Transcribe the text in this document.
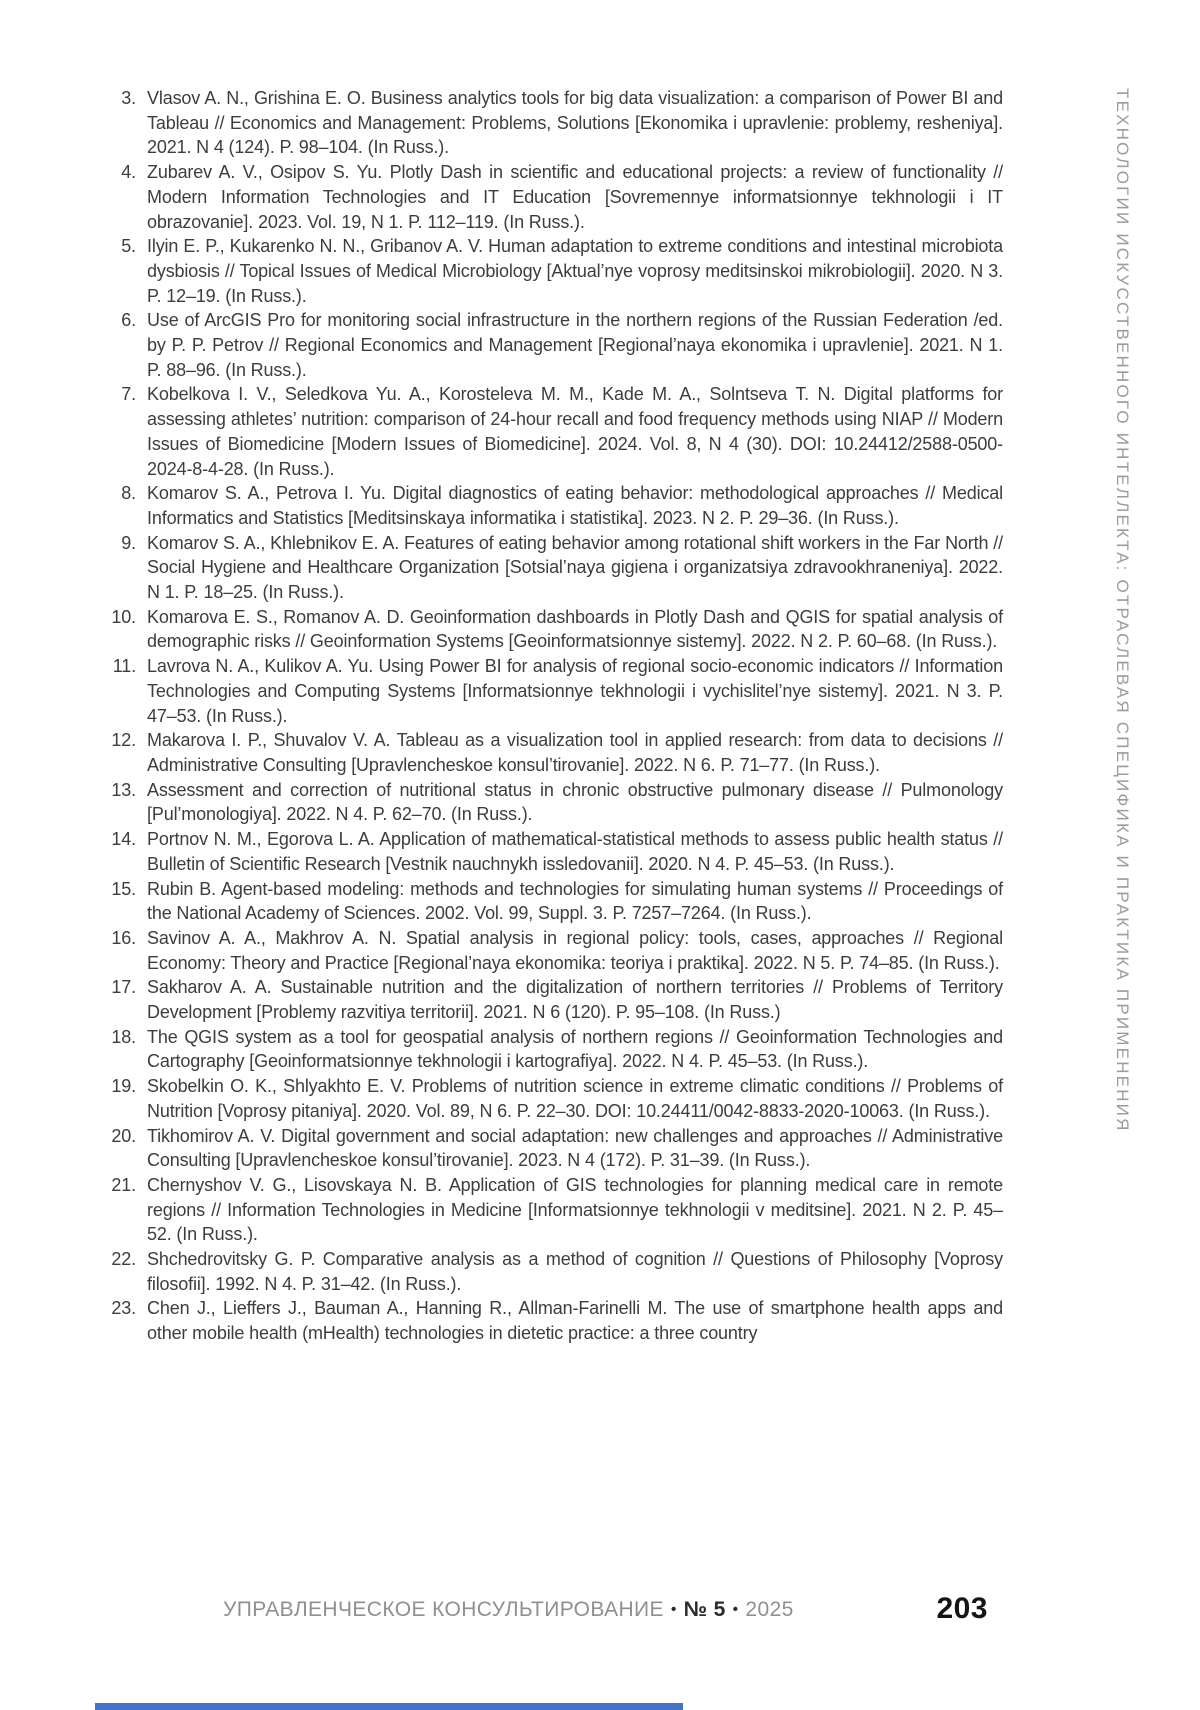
3. Vlasov A. N., Grishina E. O. Business analytics tools for big data visualization: a comparison of Power BI and Tableau // Economics and Management: Problems, Solutions [Ekonomika i upravlenie: problemy, resheniya]. 2021. N 4 (124). P. 98–104. (In Russ.).
4. Zubarev A. V., Osipov S. Yu. Plotly Dash in scientific and educational projects: a review of functionality // Modern Information Technologies and IT Education [Sovremennye informatsionnye tekhnologii i IT obrazovanie]. 2023. Vol. 19, N 1. P. 112–119. (In Russ.).
5. Ilyin E. P., Kukarenko N. N., Gribanov A. V. Human adaptation to extreme conditions and intestinal microbiota dysbiosis // Topical Issues of Medical Microbiology [Aktual’nye voprosy meditsinskoi mikrobiologii]. 2020. N 3. P. 12–19. (In Russ.).
6. Use of ArcGIS Pro for monitoring social infrastructure in the northern regions of the Russian Federation /ed. by P. P. Petrov // Regional Economics and Management [Regional’naya ekonomika i upravlenie]. 2021. N 1. P. 88–96. (In Russ.).
7. Kobelkova I. V., Seledkova Yu. A., Korosteleva M. M., Kade M. A., Solntseva T. N. Digital platforms for assessing athletes’ nutrition: comparison of 24-hour recall and food frequency methods using NIAP // Modern Issues of Biomedicine [Modern Issues of Biomedicine]. 2024. Vol. 8, N 4 (30). DOI: 10.24412/2588-0500-2024-8-4-28. (In Russ.).
8. Komarov S. A., Petrova I. Yu. Digital diagnostics of eating behavior: methodological approaches // Medical Informatics and Statistics [Meditsinskaya informatika i statistika]. 2023. N 2. P. 29–36. (In Russ.).
9. Komarov S. A., Khlebnikov E. A. Features of eating behavior among rotational shift workers in the Far North // Social Hygiene and Healthcare Organization [Sotsial’naya gigiena i organizatsiya zdravookhraneniya]. 2022. N 1. P. 18–25. (In Russ.).
10. Komarova E. S., Romanov A. D. Geoinformation dashboards in Plotly Dash and QGIS for spatial analysis of demographic risks // Geoinformation Systems [Geoinformatsionnye sistemy]. 2022. N 2. P. 60–68. (In Russ.).
11. Lavrova N. A., Kulikov A. Yu. Using Power BI for analysis of regional socio-economic indicators // Information Technologies and Computing Systems [Informatsionnye tekhnologii i vychislitel’nye sistemy]. 2021. N 3. P. 47–53. (In Russ.).
12. Makarova I. P., Shuvalov V. A. Tableau as a visualization tool in applied research: from data to decisions // Administrative Consulting [Upravlencheskoe konsul’tirovanie]. 2022. N 6. P. 71–77. (In Russ.).
13. Assessment and correction of nutritional status in chronic obstructive pulmonary disease // Pulmonology [Pul’monologiya]. 2022. N 4. P. 62–70. (In Russ.).
14. Portnov N. M., Egorova L. A. Application of mathematical-statistical methods to assess public health status // Bulletin of Scientific Research [Vestnik nauchnykh issledovanii]. 2020. N 4. P. 45–53. (In Russ.).
15. Rubin B. Agent-based modeling: methods and technologies for simulating human systems // Proceedings of the National Academy of Sciences. 2002. Vol. 99, Suppl. 3. P. 7257–7264. (In Russ.).
16. Savinov A. A., Makhrov A. N. Spatial analysis in regional policy: tools, cases, approaches // Regional Economy: Theory and Practice [Regional’naya ekonomika: teoriya i praktika]. 2022. N 5. P. 74–85. (In Russ.).
17. Sakharov A. A. Sustainable nutrition and the digitalization of northern territories // Problems of Territory Development [Problemy razvitiya territorii]. 2021. N 6 (120). P. 95–108. (In Russ.)
18. The QGIS system as a tool for geospatial analysis of northern regions // Geoinformation Technologies and Cartography [Geoinformatsionnye tekhnologii i kartografiya]. 2022. N 4. P. 45–53. (In Russ.).
19. Skobelkin O. K., Shlyakhto E. V. Problems of nutrition science in extreme climatic conditions // Problems of Nutrition [Voprosy pitaniya]. 2020. Vol. 89, N 6. P. 22–30. DOI: 10.24411/0042-8833-2020-10063. (In Russ.).
20. Tikhomirov A. V. Digital government and social adaptation: new challenges and approaches // Administrative Consulting [Upravlencheskoe konsul’tirovanie]. 2023. N 4 (172). P. 31–39. (In Russ.).
21. Chernyshov V. G., Lisovskaya N. B. Application of GIS technologies for planning medical care in remote regions // Information Technologies in Medicine [Informatsionnye tekhnologii v meditsine]. 2021. N 2. P. 45–52. (In Russ.).
22. Shchedrovitsky G. P. Comparative analysis as a method of cognition // Questions of Philosophy [Voprosy filosofii]. 1992. N 4. P. 31–42. (In Russ.).
23. Chen J., Lieffers J., Bauman A., Hanning R., Allman-Farinelli M. The use of smartphone health apps and other mobile health (mHealth) technologies in dietetic practice: a three country
ТЕХНОЛОГИИ ИСКУССТВЕННОГО ИНТЕЛЛЕКТА: ОТРАСЛЕВАЯ СПЕЦИФИКА И ПРАКТИКА ПРИМЕНЕНИЯ
УПРАВЛЕНЧЕСКОЕ КОНСУЛЬТИРОВАНИЕ • № 5 • 2025	203
